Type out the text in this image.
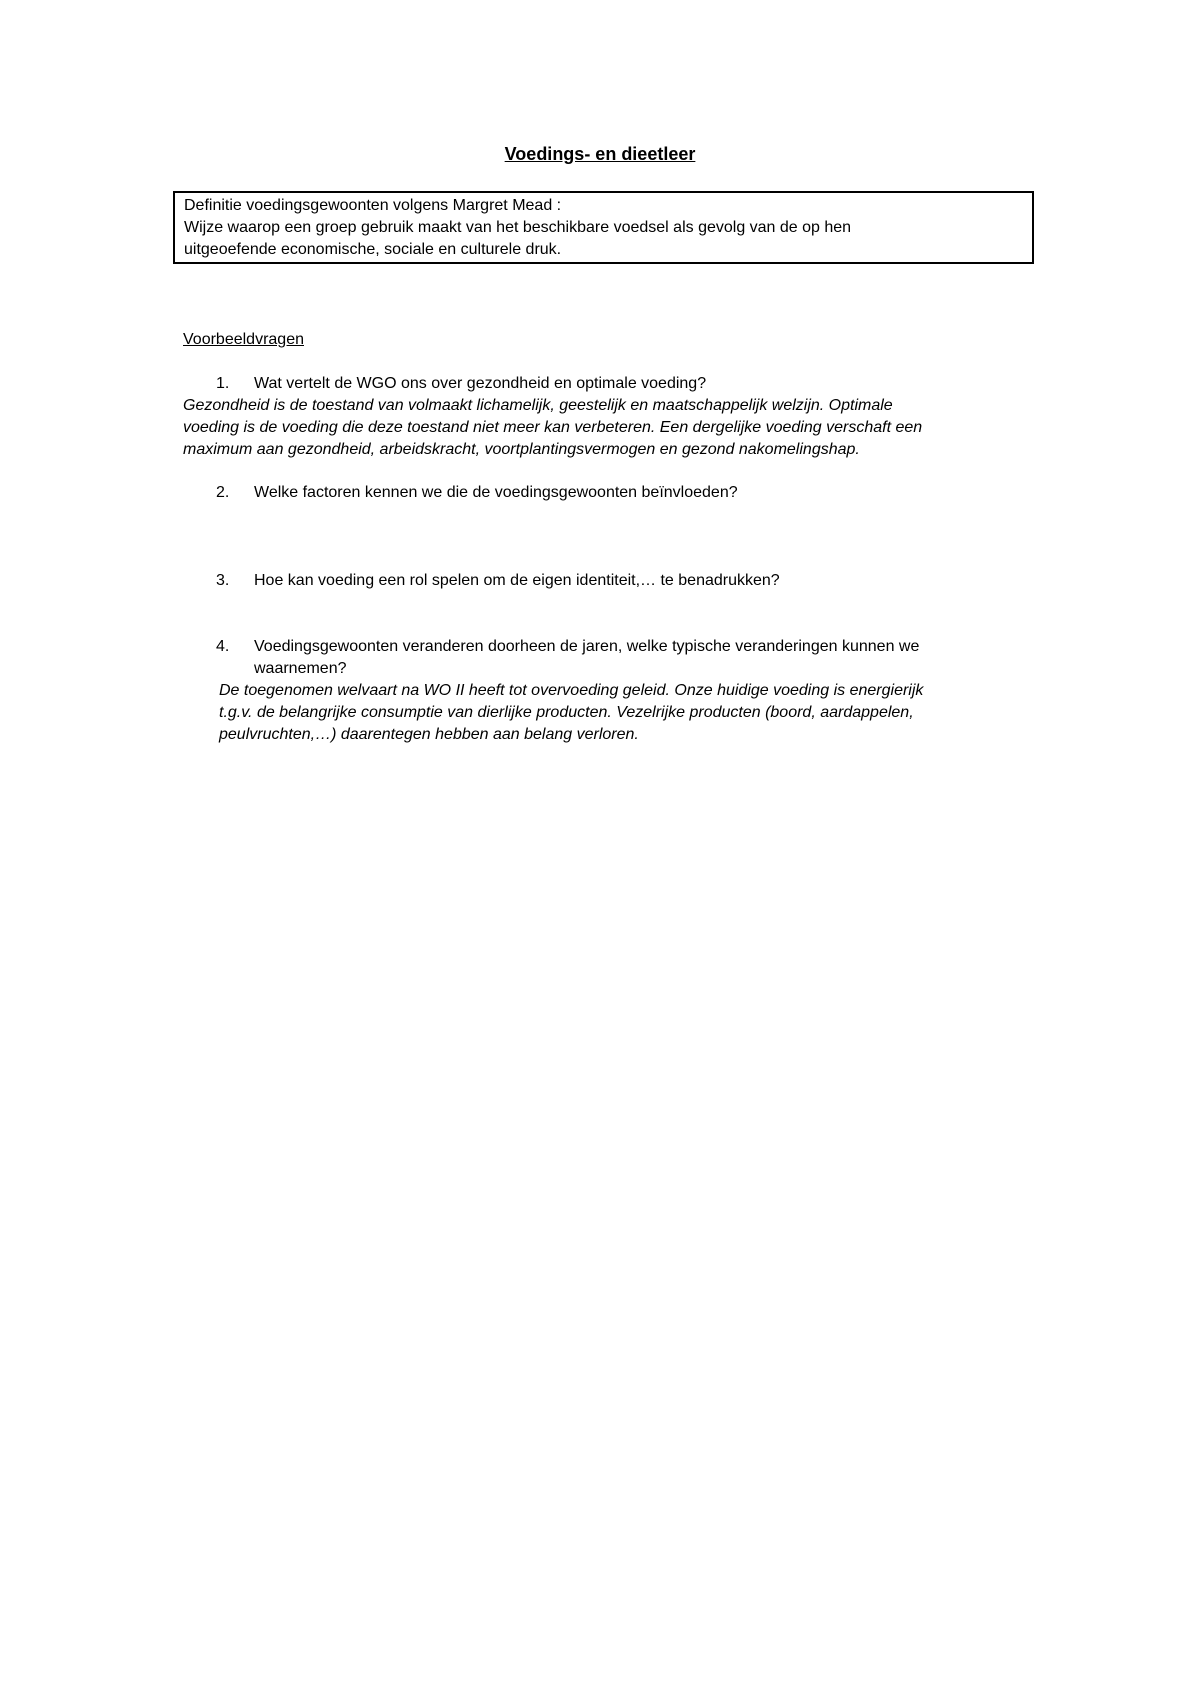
Voedings- en dieetleer
Definitie voedingsgewoonten volgens Margret Mead :
Wijze waarop een groep gebruik maakt van het beschikbare voedsel als gevolg van de op hen
uitgeoefende economische, sociale en culturele druk.
Voorbeeldvragen
1.	Wat vertelt de WGO ons over gezondheid en optimale voeding?
Gezondheid is de toestand van volmaakt lichamelijk, geestelijk en maatschappelijk welzijn. Optimale
voeding is de voeding die deze toestand niet meer kan verbeteren. Een dergelijke voeding verschaft een
maximum aan gezondheid, arbeidskracht, voortplantingsvermogen en gezond nakomelingshap.
2.	Welke factoren kennen we die de voedingsgewoonten beïnvloeden?
3.	Hoe kan voeding een rol spelen om de eigen identiteit,… te benadrukken?
4.	Voedingsgewoonten veranderen doorheen de jaren, welke typische veranderingen kunnen we
waarnemen?
De toegenomen welvaart na WO II heeft tot overvoeding geleid. Onze huidige voeding is energierijk
t.g.v. de belangrijke consumptie van dierlijke producten. Vezelrijke producten (boord, aardappelen,
peulvruchten,…) daarentegen hebben aan belang verloren.
